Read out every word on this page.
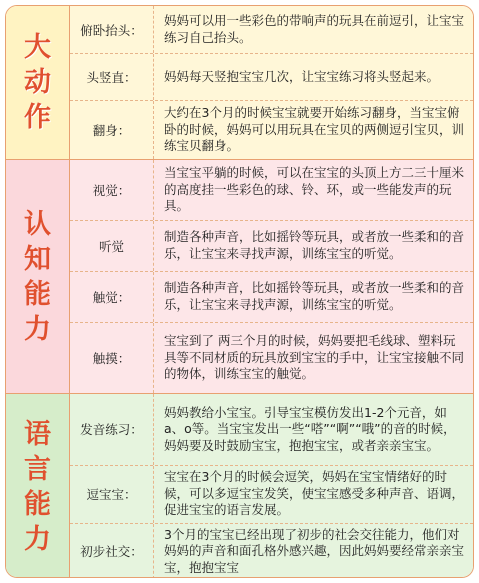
大动作
俯卧抬头：
妈妈可以用一些彩色的带响声的玩具在前逗引，让宝宝练习自己抬头。
头竖直：	妈妈每天竖抱宝宝几次，让宝宝练习将头竖起来。
翻身：
大约在3个月的时候宝宝就要开始练习翻身，当宝宝俯卧的时候，妈妈可以用玩具在宝贝的两侧逗引宝贝，训练宝贝翻身。
认知能力
视觉：
当宝宝平躺的时候，可以在宝宝的头顶上方二三十厘米的高度挂一些彩色的球、铃、环，或一些能发声的玩具。
听觉
制造各种声音，比如摇铃等玩具，或者放一些柔和的音乐，让宝宝来寻找声源，训练宝宝的听觉。
触觉：
制造各种声音，比如摇铃等玩具，或者放一些柔和的音乐，让宝宝来寻找声源，训练宝宝的听觉。
触摸：
宝宝到了 两三个月的时候，妈妈要把毛线球、塑料玩具等不同材质的玩具放到宝宝的手中，让宝宝接触不同的物体，训练宝宝的触觉。
语言能力
发音练习：
妈妈教给小宝宝。引导宝宝模仿发出1-2个元音，如a、o等。当宝宝发出一些“嗒”“啊”“哦”的音的时候，妈妈要及时鼓励宝宝，抱抱宝宝，或者亲亲宝宝。
逗宝宝：
宝宝在3个月的时候会逗笑，妈妈在宝宝情绪好的时候，可以多逗宝宝发笑，使宝宝感受多种声音、语调，促进宝宝的语言发展。
初步社交：
3个月的宝宝已经出现了初步的社会交往能力，他们对妈妈的声音和面孔格外感兴趣，因此妈妈要经常亲亲宝宝，抱抱宝宝
